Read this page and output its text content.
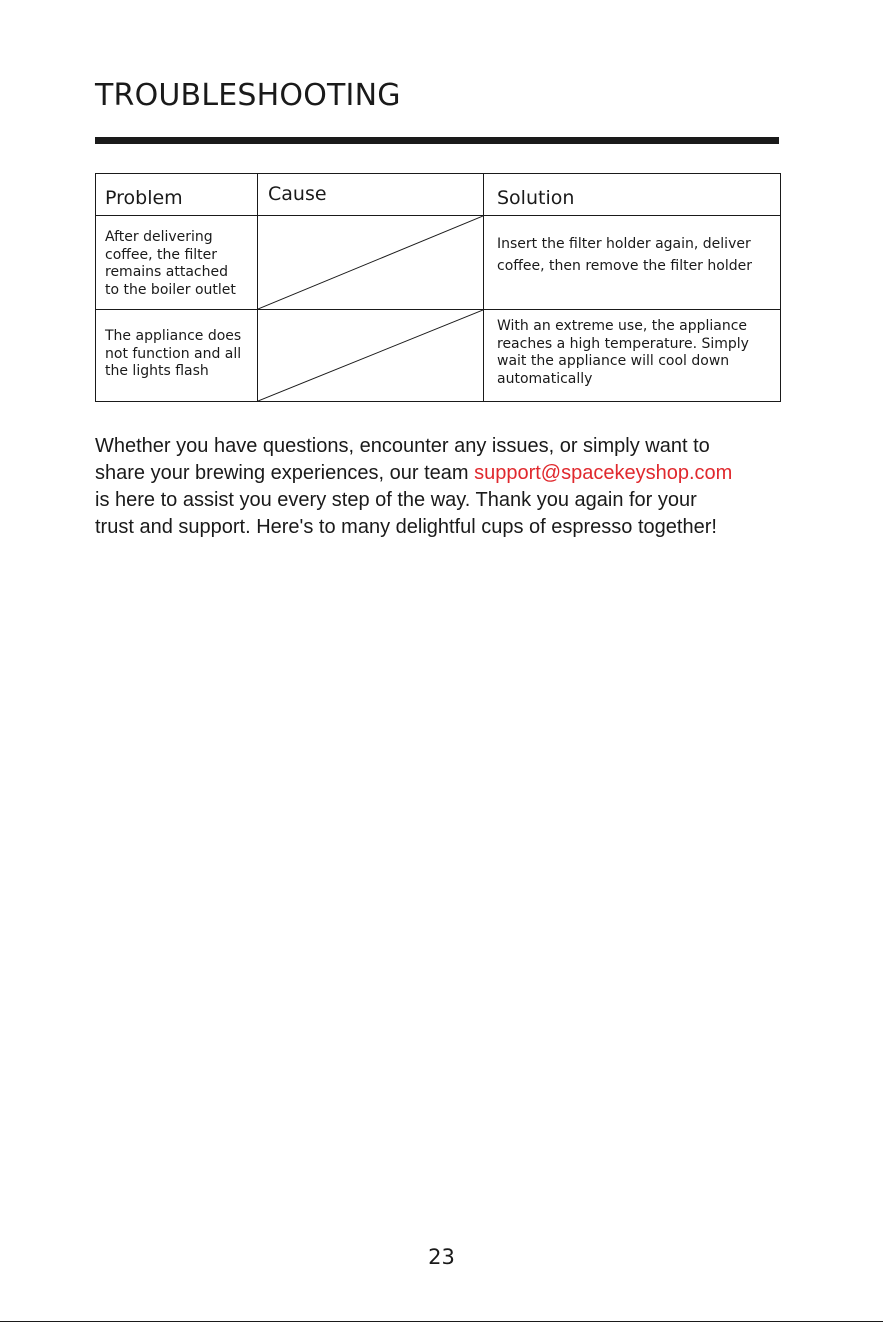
TROUBLESHOOTING
Problem	Cause	Solution

After delivering
coffee, the filter
remains attached
to the boiler outlet		Insert the filter holder again, deliver
coffee, then remove the filter holder

The appliance does
not function and all
the lights flash		With an extreme use, the appliance
reaches a high temperature. Simply
wait the appliance will cool down
automatically

Whether you have questions, encounter any issues, or simply want to
share your brewing experiences, our team support@spacekeyshop.com
is here to assist you every step of the way. Thank you again for your
trust and support. Here's to many delightful cups of espresso together!

23
